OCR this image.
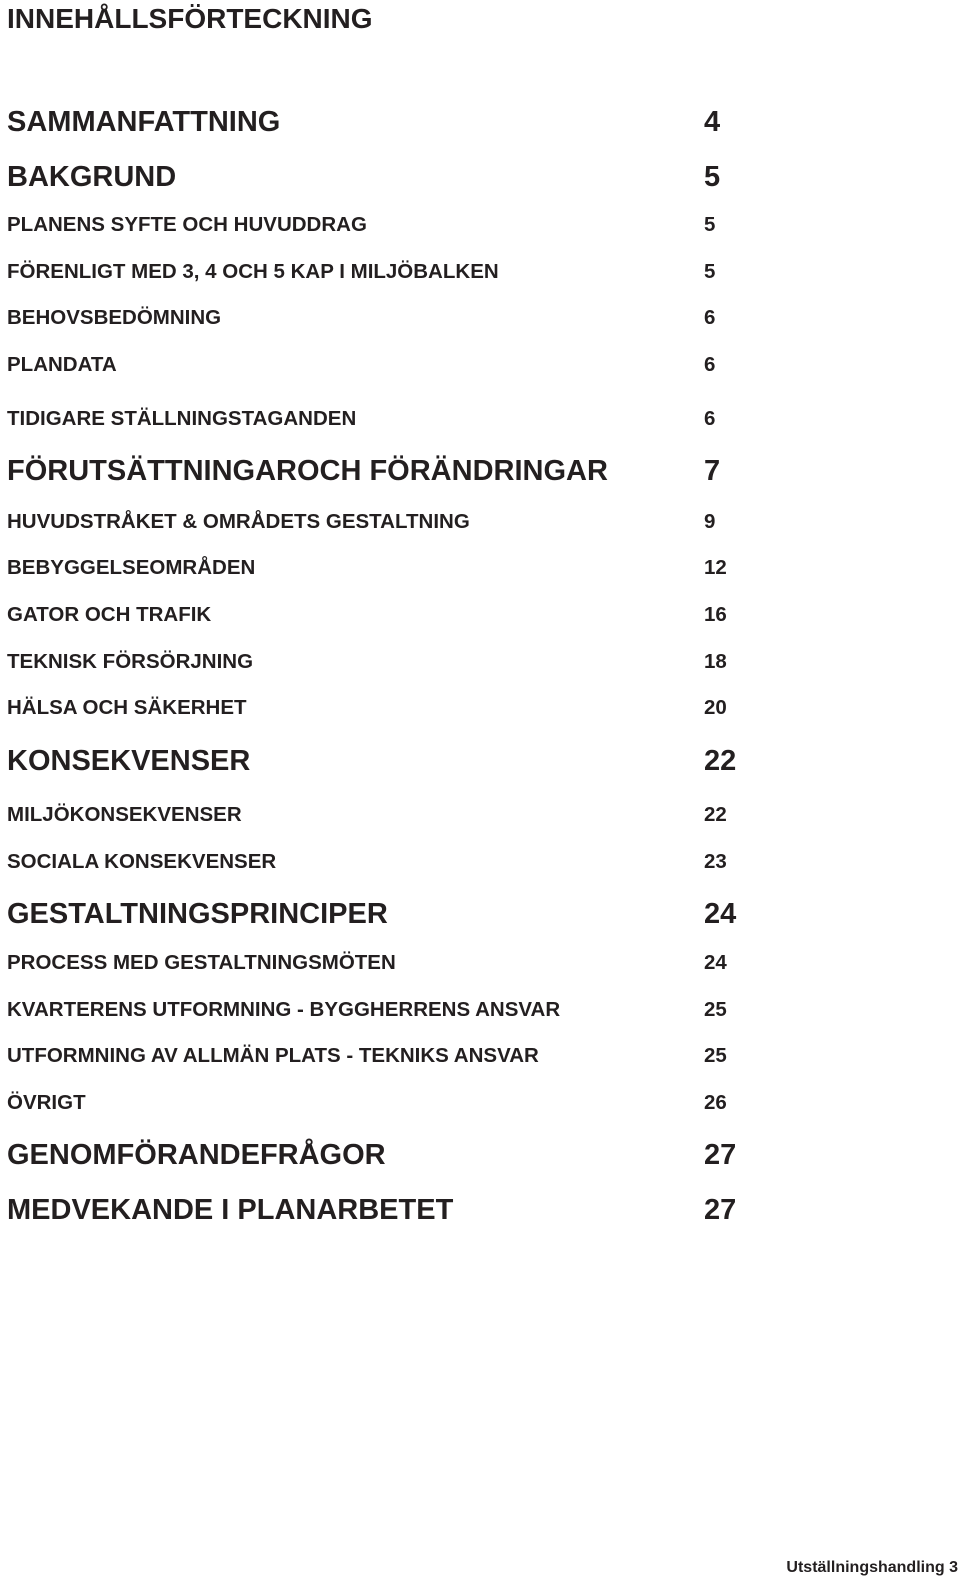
INNEHÅLLSFÖRTECKNING
SAMMANFATTNING	4
BAKGRUND	5
PLANENS SYFTE OCH HUVUDDRAG	5
FÖRENLIGT MED 3, 4 OCH 5 KAP I MILJÖBALKEN	5
BEHOVSBEDÖMNING	6
PLANDATA	6
TIDIGARE STÄLLNINGSTAGANDEN	6
FÖRUTSÄTTNINGAROCH FÖRÄNDRINGAR	7
HUVUDSTRÅKET & OMRÅDETS GESTALTNING	9
BEBYGGELSEOMRÅDEN	12
GATOR OCH TRAFIK	16
TEKNISK FÖRSÖRJNING	18
HÄLSA OCH SÄKERHET	20
KONSEKVENSER	22
MILJÖKONSEKVENSER	22
SOCIALA KONSEKVENSER	23
GESTALTNINGSPRINCIPER	24
PROCESS MED GESTALTNINGSMÖTEN	24
KVARTERENS UTFORMNING - BYGGHERRENS ANSVAR	25
UTFORMNING AV ALLMÄN PLATS - TEKNIKS ANSVAR	25
ÖVRIGT	26
GENOMFÖRANDEFRÅGOR	27
MEDVEKANDE I PLANARBETET	27
Utställningshandling 3
